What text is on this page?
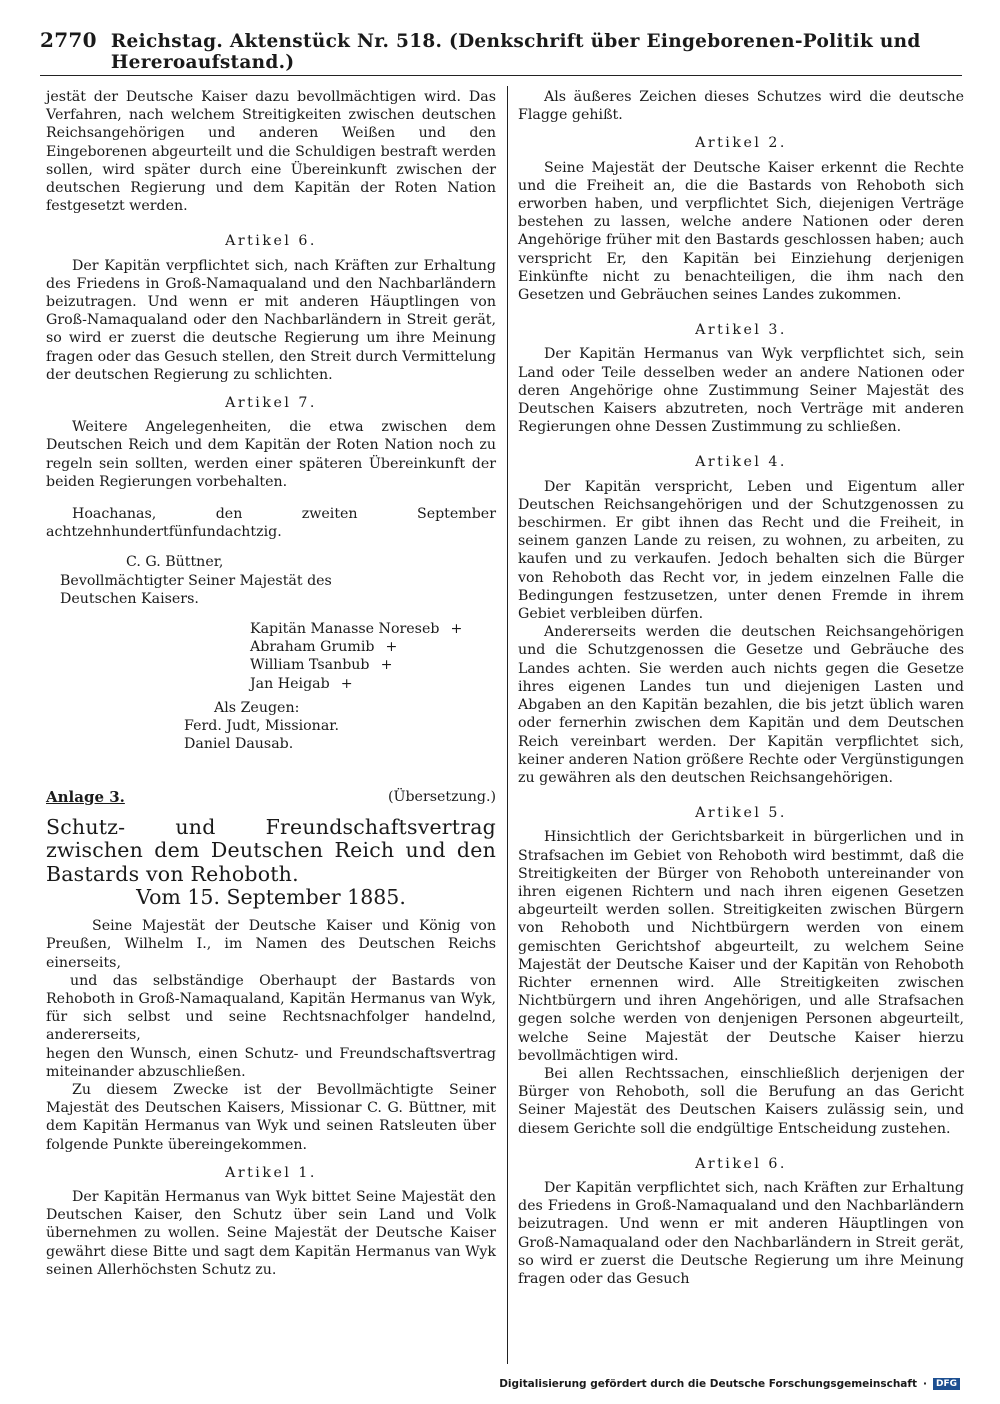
2770 Reichstag. Aktenstück Nr. 518. (Denkschrift über Eingeborenen-Politik und Hereroaufstand.)

jestät der Deutsche Kaiser dazu bevollmächtigen wird. Das Verfahren, nach welchem Streitigkeiten zwischen deutschen Reichsangehörigen und anderen Weißen und den Eingeborenen abgeurteilt und die Schuldigen bestraft werden sollen, wird später durch eine Übereinkunft zwischen der deutschen Regierung und dem Kapitän der Roten Nation festgesetzt werden.

Artikel 6.

Der Kapitän verpflichtet sich, nach Kräften zur Erhaltung des Friedens in Groß-Namaqualand und den Nachbarländern beizutragen. Und wenn er mit anderen Häuptlingen von Groß-Namaqualand oder den Nachbarländern in Streit gerät, so wird er zuerst die deutsche Regierung um ihre Meinung fragen oder das Gesuch stellen, den Streit durch Vermittelung der deutschen Regierung zu schlichten.

Artikel 7.

Weitere Angelegenheiten, die etwa zwischen dem Deutschen Reich und dem Kapitän der Roten Nation noch zu regeln sein sollten, werden einer späteren Übereinkunft der beiden Regierungen vorbehalten.

Hoachanas, den zweiten September achtzehnhundertfünfundachtzig.

C. G. Büttner,

Bevollmächtigter Seiner Majestät des Deutschen Kaisers.

Kapitän Manasse Noreseb +
Abraham Grumib +
William Tsanbub +
Jan Heigab +
Als Zeugen:
Ferd. Judt, Missionar.
Daniel Dausab.
Anlage 3.	(Übersetzung.)
Schutz- und Freundschaftsvertrag zwischen dem Deutschen Reich und den Bastards von Rehoboth.
Vom 15. September 1885.

Seine Majestät der Deutsche Kaiser und König von Preußen, Wilhelm I., im Namen des Deutschen Reichs einerseits,

und das selbständige Oberhaupt der Bastards von Rehoboth in Groß-Namaqualand, Kapitän Hermanus van Wyk, für sich selbst und seine Rechtsnachfolger handelnd, andererseits,

hegen den Wunsch, einen Schutz- und Freundschaftsvertrag miteinander abzuschließen.

Zu diesem Zwecke ist der Bevollmächtigte Seiner Majestät des Deutschen Kaisers, Missionar C. G. Büttner, mit dem Kapitän Hermanus van Wyk und seinen Ratsleuten über folgende Punkte übereingekommen.

Artikel 1.

Der Kapitän Hermanus van Wyk bittet Seine Majestät den Deutschen Kaiser, den Schutz über sein Land und Volk übernehmen zu wollen. Seine Majestät der Deutsche Kaiser gewährt diese Bitte und sagt dem Kapitän Hermanus van Wyk seinen Allerhöchsten Schutz zu.

Als äußeres Zeichen dieses Schutzes wird die deutsche Flagge gehißt.

Artikel 2.

Seine Majestät der Deutsche Kaiser erkennt die Rechte und die Freiheit an, die die Bastards von Rehoboth sich erworben haben, und verpflichtet Sich, diejenigen Verträge bestehen zu lassen, welche andere Nationen oder deren Angehörige früher mit den Bastards geschlossen haben; auch verspricht Er, den Kapitän bei Einziehung derjenigen Einkünfte nicht zu benachteiligen, die ihm nach den Gesetzen und Gebräuchen seines Landes zukommen.

Artikel 3.

Der Kapitän Hermanus van Wyk verpflichtet sich, sein Land oder Teile desselben weder an andere Nationen oder deren Angehörige ohne Zustimmung Seiner Majestät des Deutschen Kaisers abzutreten, noch Verträge mit anderen Regierungen ohne Dessen Zustimmung zu schließen.

Artikel 4.

Der Kapitän verspricht, Leben und Eigentum aller Deutschen Reichsangehörigen und der Schutzgenossen zu beschirmen. Er gibt ihnen das Recht und die Freiheit, in seinem ganzen Lande zu reisen, zu wohnen, zu arbeiten, zu kaufen und zu verkaufen. Jedoch behalten sich die Bürger von Rehoboth das Recht vor, in jedem einzelnen Falle die Bedingungen festzusetzen, unter denen Fremde in ihrem Gebiet verbleiben dürfen.

Andererseits werden die deutschen Reichsangehörigen und die Schutzgenossen die Gesetze und Gebräuche des Landes achten. Sie werden auch nichts gegen die Gesetze ihres eigenen Landes tun und diejenigen Lasten und Abgaben an den Kapitän bezahlen, die bis jetzt üblich waren oder fernerhin zwischen dem Kapitän und dem Deutschen Reich vereinbart werden. Der Kapitän verpflichtet sich, keiner anderen Nation größere Rechte oder Vergünstigungen zu gewähren als den deutschen Reichsangehörigen.

Artikel 5.

Hinsichtlich der Gerichtsbarkeit in bürgerlichen und in Strafsachen im Gebiet von Rehoboth wird bestimmt, daß die Streitigkeiten der Bürger von Rehoboth untereinander von ihren eigenen Richtern und nach ihren eigenen Gesetzen abgeurteilt werden sollen. Streitigkeiten zwischen Bürgern von Rehoboth und Nichtbürgern werden von einem gemischten Gerichtshof abgeurteilt, zu welchem Seine Majestät der Deutsche Kaiser und der Kapitän von Rehoboth Richter ernennen wird. Alle Streitigkeiten zwischen Nichtbürgern und ihren Angehörigen, und alle Strafsachen gegen solche werden von denjenigen Personen abgeurteilt, welche Seine Majestät der Deutsche Kaiser hierzu bevollmächtigen wird.

Bei allen Rechtssachen, einschließlich derjenigen der Bürger von Rehoboth, soll die Berufung an das Gericht Seiner Majestät des Deutschen Kaisers zulässig sein, und diesem Gerichte soll die endgültige Entscheidung zustehen.

Artikel 6.

Der Kapitän verpflichtet sich, nach Kräften zur Erhaltung des Friedens in Groß-Namaqualand und den Nachbarländern beizutragen. Und wenn er mit anderen Häuptlingen von Groß-Namaqualand oder den Nachbarländern in Streit gerät, so wird er zuerst die Deutsche Regierung um ihre Meinung fragen oder das Gesuch

Digitalisierung gefördert durch die Deutsche Forschungsgemeinschaft ·	DFG
